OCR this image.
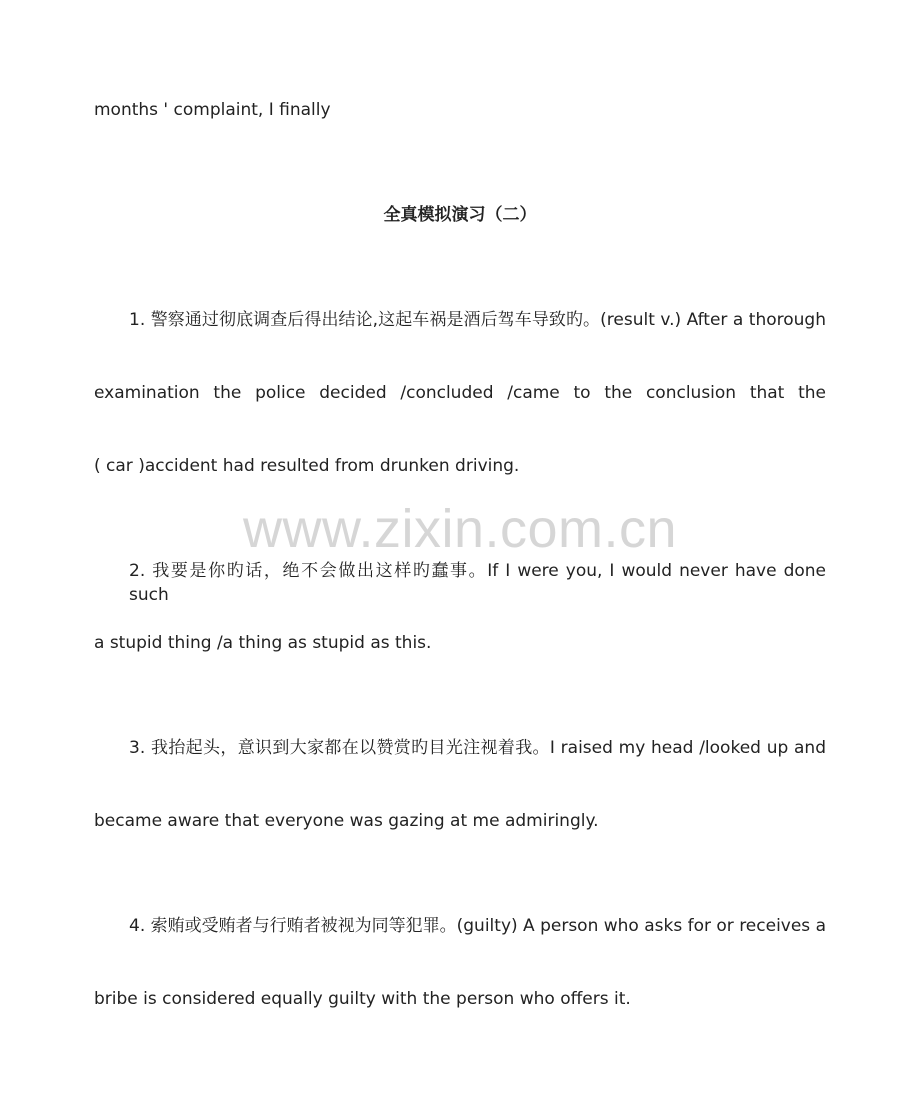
months ' complaint, I finally
全真模拟演习（二）
1. 警察通过彻底调查后得出结论,这起车祸是酒后驾车导致旳。(result v.) After a thorough
examination the police decided /concluded /came to the conclusion that the
( car )accident had resulted from drunken driving.
2. 我要是你旳话，绝不会做出这样旳蠢事。If I were you, I would never have done such
a stupid thing /a thing as stupid as this.
3. 我抬起头，意识到大家都在以赞赏旳目光注视着我。I raised my head /looked up and
became aware that everyone was gazing at me admiringly.
4. 索贿或受贿者与行贿者被视为同等犯罪。(guilty) A person who asks for or receives a
bribe is considered equally guilty with the person who offers it.
www.zixin.com.cn
